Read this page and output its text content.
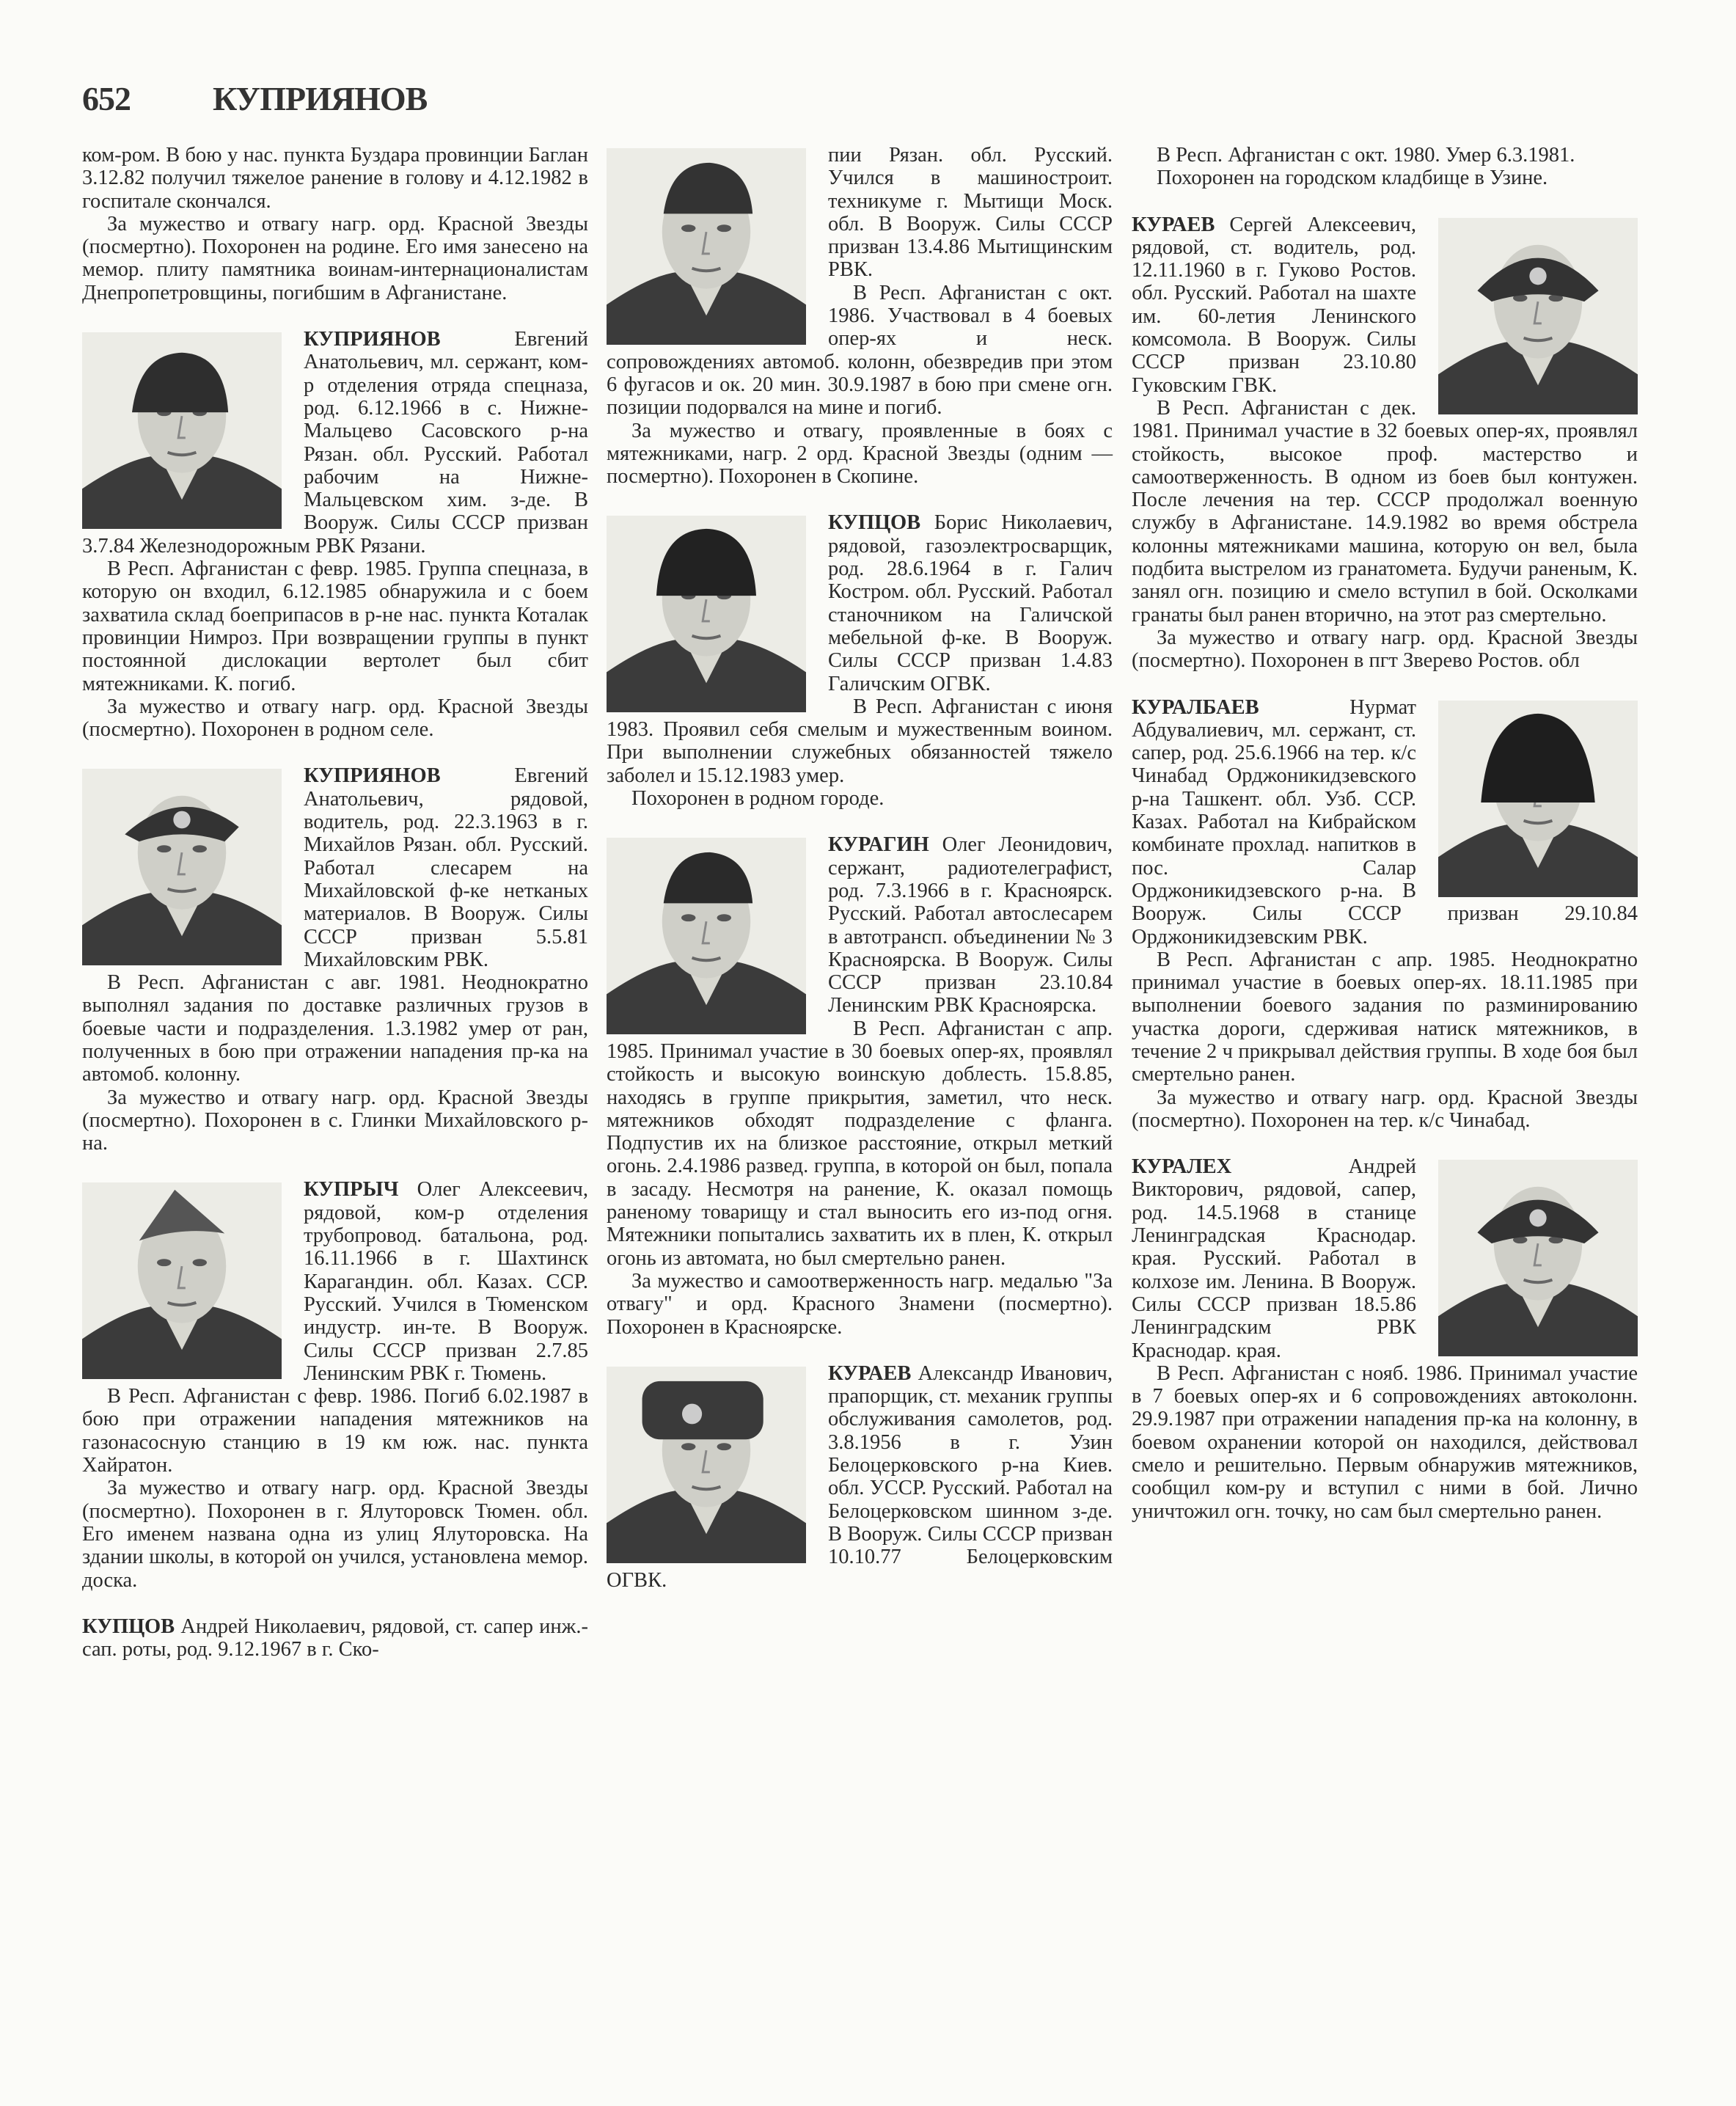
652 КУПРИЯНОВ

ком-ром. В бою у нас. пункта Буздара провинции Баглан 3.12.82 получил тяжелое ранение в голову и 4.12.1982 в госпитале скончался.

За мужество и отвагу нагр. орд. Красной Звезды (посмертно). Похоронен на родине. Его имя занесено на мемор. плиту памятника воинам-интернационалистам Днепропетровщины, погибшим в Афганистане.

КУПРИЯНОВ Евгений Анатольевич, мл. сержант, ком-р отделения отряда спецназа, род. 6.12.1966 в с. Нижне-Мальцево Сасовского р-на Рязан. обл. Русский. Работал рабочим на Нижне-Мальцевском хим. з-де. В Вооруж. Силы СССР призван 3.7.84 Железнодорожным РВК Рязани.

В Респ. Афганистан с февр. 1985. Группа спецназа, в которую он входил, 6.12.1985 обнаружила и с боем захватила склад боеприпасов в р-не нас. пункта Коталак провинции Нимроз. При возвращении группы в пункт постоянной дислокации вертолет был сбит мятежниками. К. погиб.

За мужество и отвагу нагр. орд. Красной Звезды (посмертно). Похоронен в родном селе.

КУПРИЯНОВ Евгений Анатольевич, рядовой, водитель, род. 22.3.1963 в г. Михайлов Рязан. обл. Русский. Работал слесарем на Михайловской ф-ке нетканых материалов. В Вооруж. Силы СССР призван 5.5.81 Михайловским РВК.

В Респ. Афганистан с авг. 1981. Неоднократно выполнял задания по доставке различных грузов в боевые части и подразделения. 1.3.1982 умер от ран, полученных в бою при отражении нападения пр-ка на автомоб. колонну.

За мужество и отвагу нагр. орд. Красной Звезды (посмертно). Похоронен в с. Глинки Михайловского р-на.

КУПРЫЧ Олег Алексеевич, рядовой, ком-р отделения трубопровод. батальона, род. 16.11.1966 в г. Шахтинск Карагандин. обл. Казах. ССР. Русский. Учился в Тюменском индустр. ин-те. В Вооруж. Силы СССР призван 2.7.85 Ленинским РВК г. Тюмень.

В Респ. Афганистан с февр. 1986. Погиб 6.02.1987 в бою при отражении нападения мятежников на газонасосную станцию в 19 км юж. нас. пункта Хайратон.

За мужество и отвагу нагр. орд. Красной Звезды (посмертно). Похоронен в г. Ялуторовск Тюмен. обл. Его именем названа одна из улиц Ялуторовска. На здании школы, в которой он учился, установлена мемор. доска.

КУПЦОВ Андрей Николаевич, рядовой, ст. сапер инж.-сап. роты, род. 9.12.1967 в г. Ско-

пии Рязан. обл. Русский. Учился в машиностроит. техникуме г. Мытищи Моск. обл. В Вооруж. Силы СССР призван 13.4.86 Мытищинским РВК.

В Респ. Афганистан с окт. 1986. Участвовал в 4 боевых опер-ях и неск. сопровождениях автомоб. колонн, обезвредив при этом 6 фугасов и ок. 20 мин. 30.9.1987 в бою при смене огн. позиции подорвался на мине и погиб.

За мужество и отвагу, проявленные в боях с мятежниками, нагр. 2 орд. Красной Звезды (одним — посмертно). Похоронен в Скопине.

КУПЦОВ Борис Николаевич, рядовой, газоэлектросварщик, род. 28.6.1964 в г. Галич Костром. обл. Русский. Работал станочником на Галичской мебельной ф-ке. В Вооруж. Силы СССР призван 1.4.83 Галичским ОГВК.

В Респ. Афганистан с июня 1983. Проявил себя смелым и мужественным воином. При выполнении служебных обязанностей тяжело заболел и 15.12.1983 умер.

Похоронен в родном городе.

КУРАГИН Олег Леонидович, сержант, радиотелеграфист, род. 7.3.1966 в г. Красноярск. Русский. Работал автослесарем в автотрансп. объединении № 3 Красноярска. В Вооруж. Силы СССР призван 23.10.84 Ленинским РВК Красноярска.

В Респ. Афганистан с апр. 1985. Принимал участие в 30 боевых опер-ях, проявлял стойкость и высокую воинскую доблесть. 15.8.85, находясь в группе прикрытия, заметил, что неск. мятежников обходят подразделение с фланга. Подпустив их на близкое расстояние, открыл меткий огонь. 2.4.1986 развед. группа, в которой он был, попала в засаду. Несмотря на ранение, К. оказал помощь раненому товарищу и стал выносить его из-под огня. Мятежники попытались захватить их в плен, К. открыл огонь из автомата, но был смертельно ранен.

За мужество и самоотверженность нагр. медалью "За отвагу" и орд. Красного Знамени (посмертно). Похоронен в Красноярске.

КУРАЕВ Александр Иванович, прапорщик, ст. механик группы обслуживания самолетов, род. 3.8.1956 в г. Узин Белоцерковского р-на Киев. обл. УССР. Русский. Работал на Белоцерковском шинном з-де. В Вооруж. Силы СССР призван 10.10.77 Белоцерковским ОГВК.

В Респ. Афганистан с окт. 1980. Умер 6.3.1981.

Похоронен на городском кладбище в Узине.

КУРАЕВ Сергей Алексеевич, рядовой, ст. водитель, род. 12.11.1960 в г. Гуково Ростов. обл. Русский. Работал на шахте им. 60-летия Ленинского комсомола. В Вооруж. Силы СССР призван 23.10.80 Гуковским ГВК.

В Респ. Афганистан с дек. 1981. Принимал участие в 32 боевых опер-ях, проявлял стойкость, высокое проф. мастерство и самоотверженность. В одном из боев был контужен. После лечения на тер. СССР продолжал военную службу в Афганистане. 14.9.1982 во время обстрела колонны мятежниками машина, которую он вел, была подбита выстрелом из гранатомета. Будучи раненым, К. занял огн. позицию и смело вступил в бой. Осколками гранаты был ранен вторично, на этот раз смертельно.

За мужество и отвагу нагр. орд. Красной Звезды (посмертно). Похоронен в пгт Зверево Ростов. обл

КУРАЛБАЕВ Нурмат Абдувалиевич, мл. сержант, ст. сапер, род. 25.6.1966 на тер. к/с Чинабад Орджоникидзевского р-на Ташкент. обл. Узб. ССР. Казах. Работал на Кибрайском комбинате прохлад. напитков в пос. Салар Орджоникидзевского р-на. В Вооруж. Силы СССР призван 29.10.84 Орджоникидзевским РВК.

В Респ. Афганистан с апр. 1985. Неоднократно принимал участие в боевых опер-ях. 18.11.1985 при выполнении боевого задания по разминированию участка дороги, сдерживая натиск мятежников, в течение 2 ч прикрывал действия группы. В ходе боя был смертельно ранен.

За мужество и отвагу нагр. орд. Красной Звезды (посмертно). Похоронен на тер. к/с Чинабад.

КУРАЛЕХ Андрей Викторович, рядовой, сапер, род. 14.5.1968 в станице Ленинградская Краснодар. края. Русский. Работал в колхозе им. Ленина. В Вооруж. Силы СССР призван 18.5.86 Ленинградским РВК Краснодар. края.

В Респ. Афганистан с нояб. 1986. Принимал участие в 7 боевых опер-ях и 6 сопровождениях автоколонн. 29.9.1987 при отражении нападения пр-ка на колонну, в боевом охранении которой он находился, действовал смело и решительно. Первым обнаружив мятежников, сообщил ком-ру и вступил с ними в бой. Лично уничтожил огн. точку, но сам был смертельно ранен.
